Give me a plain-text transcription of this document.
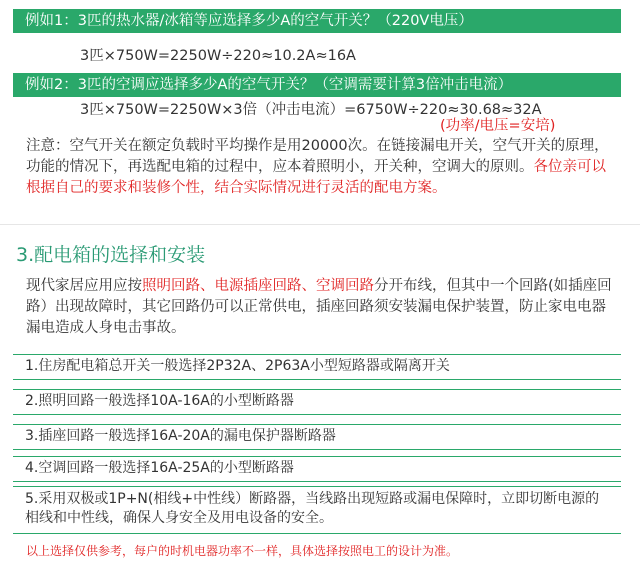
例如1：3匹的热水器/冰箱等应选择多少A的空气开关？（220V电压）
3匹×750W=2250W÷220≈10.2A≈16A
例如2：3匹的空调应选择多少A的空气开关？（空调需要计算3倍冲击电流）
3匹×750W=2250W×3倍（冲击电流）=6750W÷220≈30.68≈32A
(功率/电压=安培)
注意：空气开关在额定负载时平均操作是用20000次。在链接漏电开关，空气开关的原理，功能的情况下，再选配电箱的过程中，应本着照明小，开关种，空调大的原则。各位亲可以根据自己的要求和装修个性，结合实际情况进行灵活的配电方案。
3.配电箱的选择和安装
现代家居应用应按照明回路、电源插座回路、空调回路分开布线，但其中一个回路(如插座回路）出现故障时，其它回路仍可以正常供电，插座回路须安装漏电保护装置，防止家电电器漏电造成人身电击事故。
1.住房配电箱总开关一般选择2P32A、2P63A小型短路器或隔离开关
2.照明回路一般选择10A-16A的小型断路器
3.插座回路一般选择16A-20A的漏电保护器断路器
4.空调回路一般选择16A-25A的小型断路器
5.采用双极或1P+N(相线+中性线）断路器，当线路出现短路或漏电保障时，立即切断电源的相线和中性线，确保人身安全及用电设备的安全。
以上选择仅供参考，每户的时机电器功率不一样，具体选择按照电工的设计为准。
